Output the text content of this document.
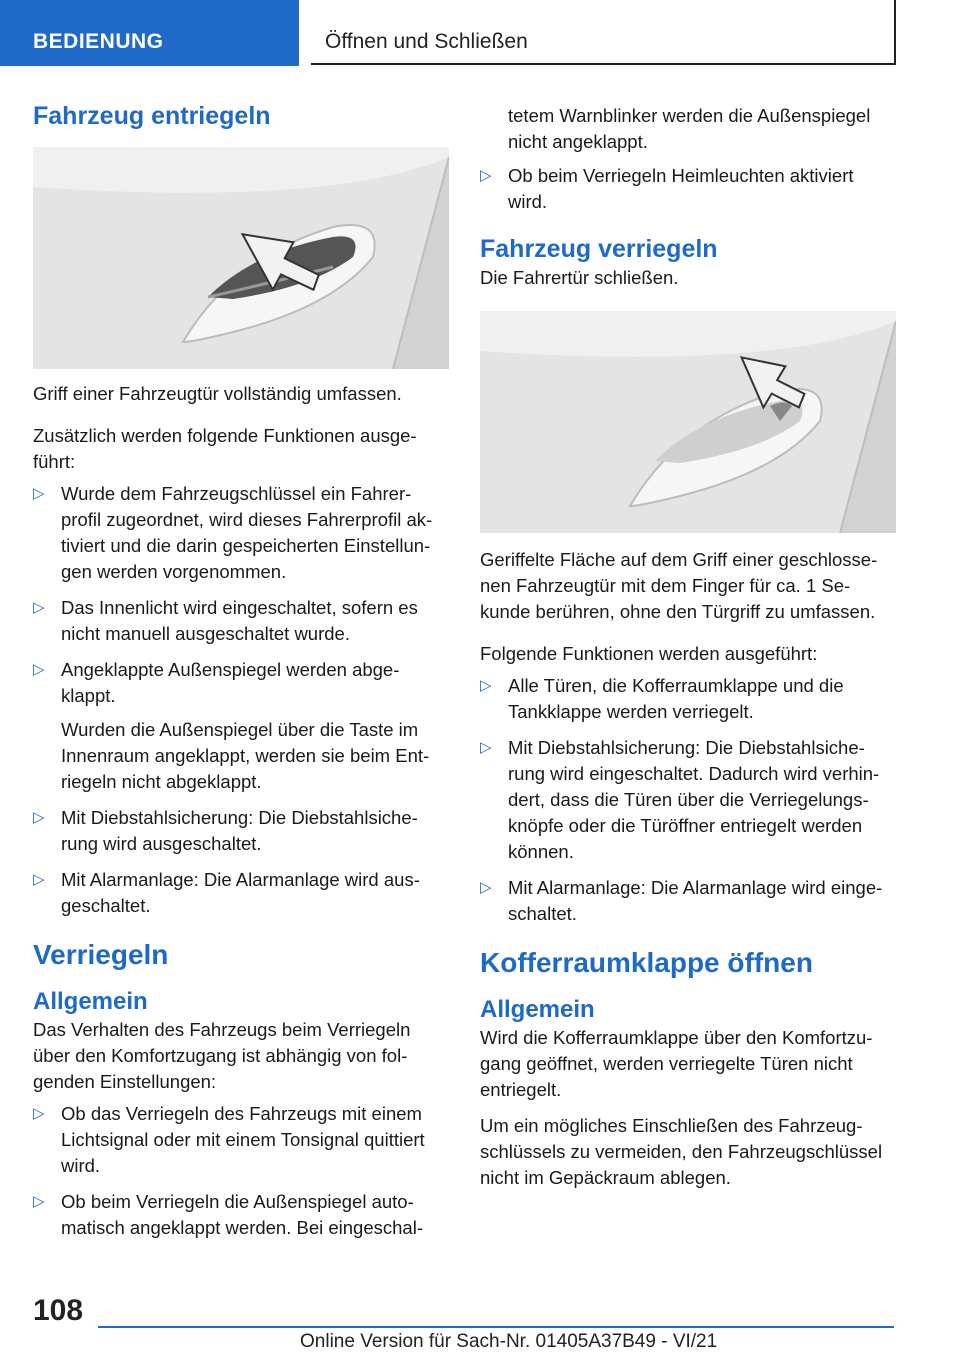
BEDIENUNG	Öffnen und Schließen
Fahrzeug entriegeln

Griff einer Fahrzeugtür vollständig umfassen.

Zusätzlich werden folgende Funktionen ausge-führt:

▷ Wurde dem Fahrzeugschlüssel ein Fahrer-profil zugeordnet, wird dieses Fahrerprofil ak-tiviert und die darin gespeicherten Einstellun-gen werden vorgenommen.

▷ Das Innenlicht wird eingeschaltet, sofern es nicht manuell ausgeschaltet wurde.

▷ Angeklappte Außenspiegel werden abge-klappt.

Wurden die Außenspiegel über die Taste im Innenraum angeklappt, werden sie beim Ent-riegeln nicht abgeklappt.

▷ Mit Diebstahlsicherung: Die Diebstahlsiche-rung wird ausgeschaltet.

▷ Mit Alarmanlage: Die Alarmanlage wird aus-geschaltet.

Verriegeln
Allgemein

Das Verhalten des Fahrzeugs beim Verriegeln über den Komfortzugang ist abhängig von fol-genden Einstellungen:

▷ Ob das Verriegeln des Fahrzeugs mit einem Lichtsignal oder mit einem Tonsignal quittiert wird.

▷ Ob beim Verriegeln die Außenspiegel auto-matisch angeklappt werden. Bei eingeschal-

tetem Warnblinker werden die Außenspiegel nicht angeklappt.

▷ Ob beim Verriegeln Heimleuchten aktiviert wird.

Fahrzeug verriegeln

Die Fahrertür schließen.

Geriffelte Fläche auf dem Griff einer geschlosse-nen Fahrzeugtür mit dem Finger für ca. 1 Se-kunde berühren, ohne den Türgriff zu umfassen.

Folgende Funktionen werden ausgeführt:

▷ Alle Türen, die Kofferraumklappe und die Tankklappe werden verriegelt.

▷ Mit Diebstahlsicherung: Die Diebstahlsiche-rung wird eingeschaltet. Dadurch wird verhin-dert, dass die Türen über die Verriegelungs-knöpfe oder die Türöffner entriegelt werden können.

▷ Mit Alarmanlage: Die Alarmanlage wird einge-schaltet.

Kofferraumklappe öffnen
Allgemein

Wird die Kofferraumklappe über den Komfortzu-gang geöffnet, werden verriegelte Türen nicht entriegelt.

Um ein mögliches Einschließen des Fahrzeug-schlüssels zu vermeiden, den Fahrzeugschlüssel nicht im Gepäckraum ablegen.

108
Online Version für Sach-Nr. 01405A37B49 - VI/21
